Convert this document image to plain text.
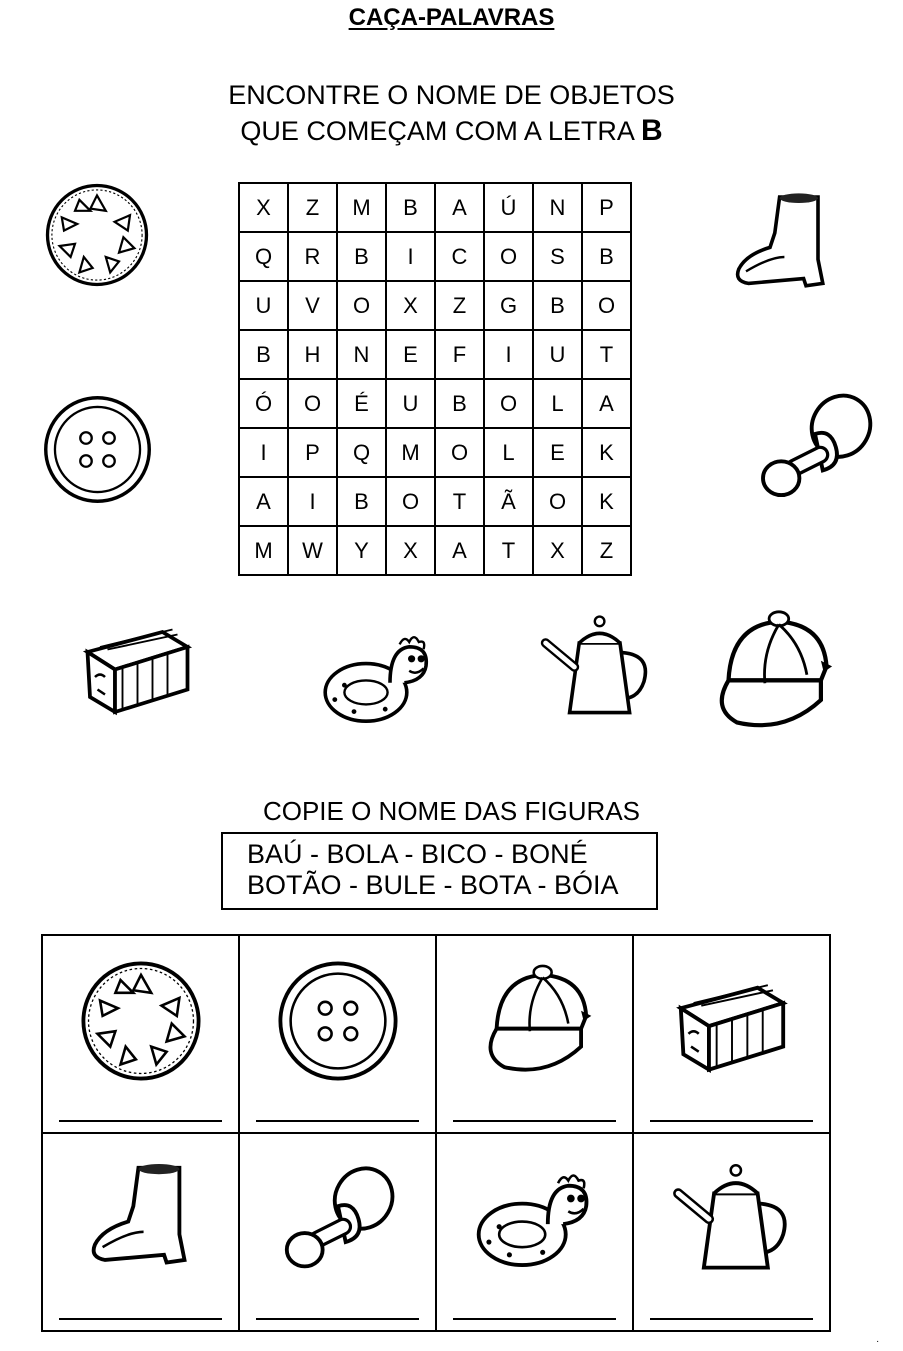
CAÇA-PALAVRAS
ENCONTRE O NOME DE OBJETOS
QUE COMEÇAM COM A LETRA B
X	Z	M	B	A	Ú	N	P
Q	R	B	I	C	O	S	B
U	V	O	X	Z	G	B	O
B	H	N	E	F	I	U	T
Ó	O	É	U	B	O	L	A
I	P	Q	M	O	L	E	K
A	I	B	O	T	Ã	O	K
M	W	Y	X	A	T	X	Z
COPIE O NOME DAS FIGURAS
BAÚ - BOLA - BICO - BONÉ
BOTÃO - BULE - BOTA - BÓIA

·
